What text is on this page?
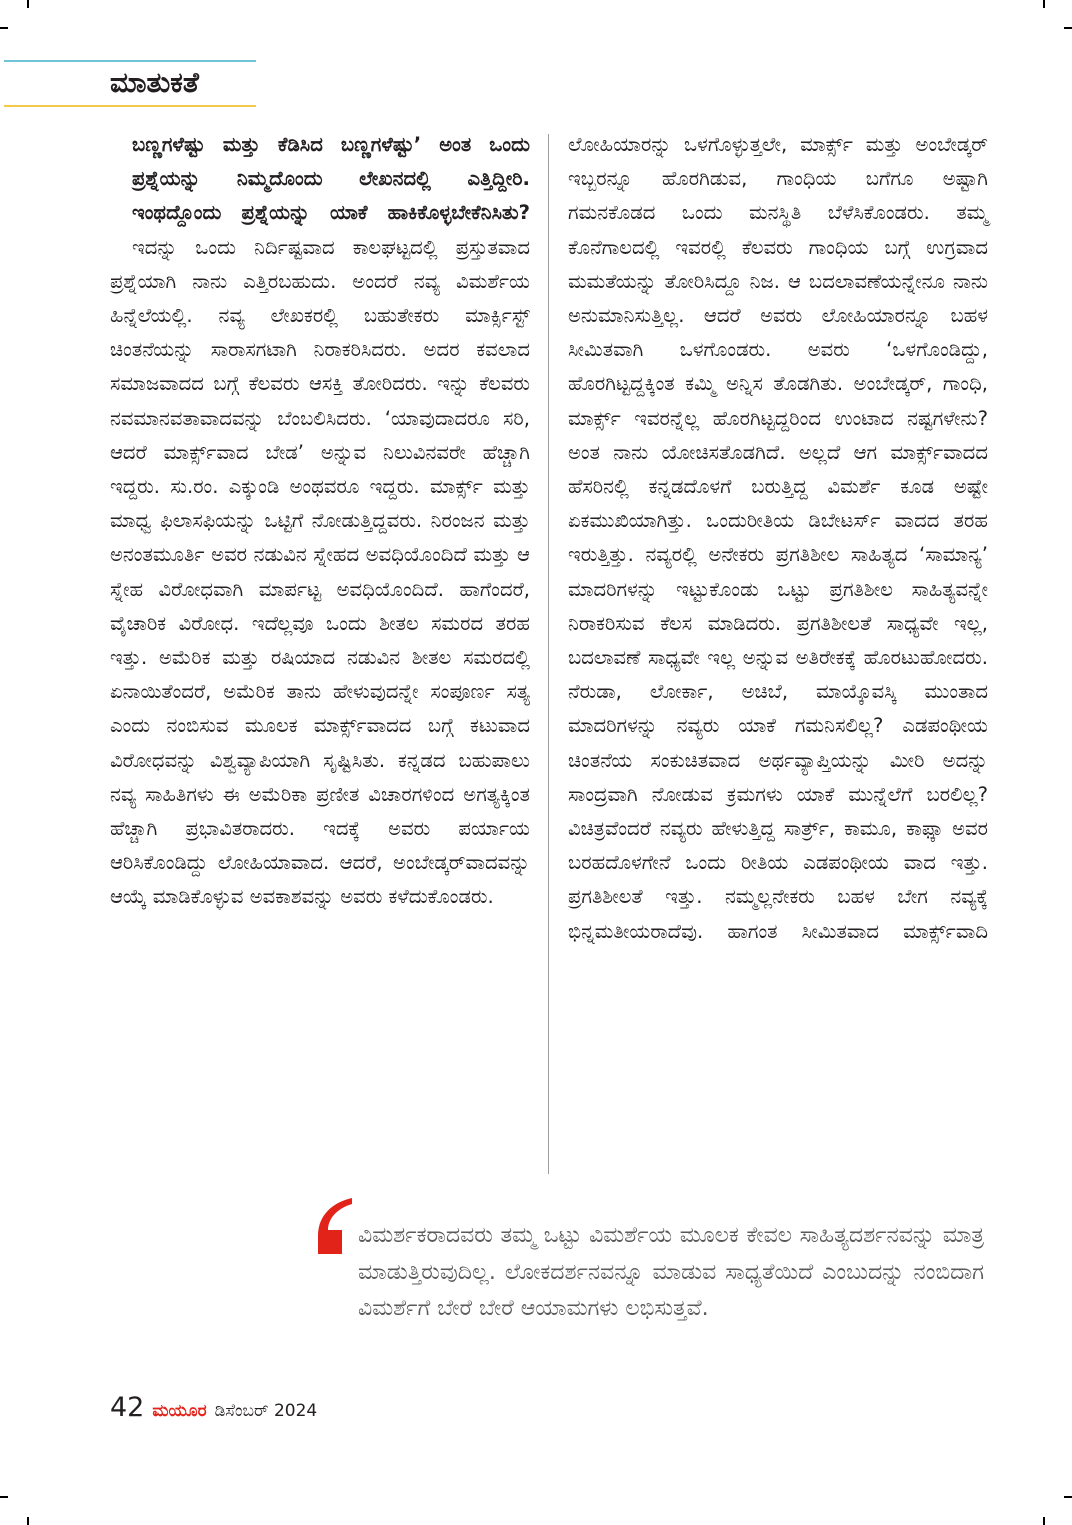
ಮಾತುಕತೆ

ಬಣ್ಣಗಳೆಷ್ಟು ಮತ್ತು ಕೆಡಿಸಿದ ಬಣ್ಣಗಳೆಷ್ಟು’ ಅಂತ ಒಂದು ಪ್ರಶ್ನೆಯನ್ನು ನಿಮ್ಮದೊಂದು ಲೇಖನದಲ್ಲಿ ಎತ್ತಿದ್ದೀರಿ. ಇಂಥದ್ದೊಂದು ಪ್ರಶ್ನೆಯನ್ನು ಯಾಕೆ ಹಾಕಿಕೊಳ್ಳಬೇಕೆನಿಸಿತು?

ಇದನ್ನು ಒಂದು ನಿರ್ದಿಷ್ಟವಾದ ಕಾಲಘಟ್ಟದಲ್ಲಿ ಪ್ರಸ್ತುತವಾದ ಪ್ರಶ್ನೆಯಾಗಿ ನಾನು ಎತ್ತಿರಬಹುದು. ಅಂದರೆ ನವ್ಯ ವಿಮರ್ಶೆಯ ಹಿನ್ನೆಲೆಯಲ್ಲಿ. ನವ್ಯ ಲೇಖಕರಲ್ಲಿ ಬಹುತೇಕರು ಮಾರ್ಕ್ಸಿಸ್ಟ್ ಚಿಂತನೆಯನ್ನು ಸಾರಾಸಗಟಾಗಿ ನಿರಾಕರಿಸಿದರು. ಅದರ ಕವಲಾದ ಸಮಾಜವಾದದ ಬಗ್ಗೆ ಕೆಲವರು ಆಸಕ್ತಿ ತೋರಿದರು. ಇನ್ನು ಕೆಲವರು ನವಮಾನವತಾವಾದವನ್ನು ಬೆಂಬಲಿಸಿದರು. ‘ಯಾವುದಾದರೂ ಸರಿ, ಆದರೆ ಮಾರ್ಕ್ಸ್‌ವಾದ ಬೇಡ’ ಅನ್ನುವ ನಿಲುವಿನವರೇ ಹೆಚ್ಚಾಗಿ ಇದ್ದರು. ಸು.ರಂ. ಎಕ್ಕುಂಡಿ ಅಂಥವರೂ ಇದ್ದರು. ಮಾರ್ಕ್ಸ್ ಮತ್ತು ಮಾಧ್ವ ಫಿಲಾಸಫಿಯನ್ನು ಒಟ್ಟಿಗೆ ನೋಡುತ್ತಿದ್ದವರು. ನಿರಂಜನ ಮತ್ತು ಅನಂತಮೂರ್ತಿ ಅವರ ನಡುವಿನ ಸ್ನೇಹದ ಅವಧಿಯೊಂದಿದೆ ಮತ್ತು ಆ ಸ್ನೇಹ ವಿರೋಧವಾಗಿ ಮಾರ್ಪಟ್ಟ ಅವಧಿಯೊಂದಿದೆ. ಹಾಗೆಂದರೆ, ವೈಚಾರಿಕ ವಿರೋಧ. ಇದೆಲ್ಲವೂ ಒಂದು ಶೀತಲ ಸಮರದ ತರಹ ಇತ್ತು. ಅಮೆರಿಕ ಮತ್ತು ರಷಿಯಾದ ನಡುವಿನ ಶೀತಲ ಸಮರದಲ್ಲಿ ಏನಾಯಿತೆಂದರೆ, ಅಮೆರಿಕ ತಾನು ಹೇಳುವುದನ್ನೇ ಸಂಪೂರ್ಣ ಸತ್ಯ ಎಂದು ನಂಬಿಸುವ ಮೂಲಕ ಮಾರ್ಕ್ಸ್‌ವಾದದ ಬಗ್ಗೆ ಕಟುವಾದ ವಿರೋಧವನ್ನು ವಿಶ್ವವ್ಯಾಪಿಯಾಗಿ ಸೃಷ್ಟಿಸಿತು. ಕನ್ನಡದ ಬಹುಪಾಲು ನವ್ಯ ಸಾಹಿತಿಗಳು ಈ ಅಮೆರಿಕಾ ಪ್ರಣೀತ ವಿಚಾರಗಳಿಂದ ಅಗತ್ಯಕ್ಕಿಂತ ಹೆಚ್ಚಾಗಿ ಪ್ರಭಾವಿತರಾದರು. ಇದಕ್ಕೆ ಅವರು ಪರ್ಯಾಯ ಆರಿಸಿಕೊಂಡಿದ್ದು ಲೋಹಿಯಾವಾದ. ಆದರೆ, ಅಂಬೇಡ್ಕರ್‌ವಾದವನ್ನು ಆಯ್ಕೆ ಮಾಡಿಕೊಳ್ಳುವ ಅವಕಾಶವನ್ನು ಅವರು ಕಳೆದುಕೊಂಡರು.

ಲೋಹಿಯಾರನ್ನು ಒಳಗೊಳ್ಳುತ್ತಲೇ, ಮಾರ್ಕ್ಸ್ ಮತ್ತು ಅಂಬೇಡ್ಕರ್ ಇಬ್ಬರನ್ನೂ ಹೊರಗಿಡುವ, ಗಾಂಧಿಯ ಬಗೆಗೂ ಅಷ್ಟಾಗಿ ಗಮನಕೊಡದ ಒಂದು ಮನಸ್ಥಿತಿ ಬೆಳೆಸಿಕೊಂಡರು. ತಮ್ಮ ಕೊನೆಗಾಲದಲ್ಲಿ ಇವರಲ್ಲಿ ಕೆಲವರು ಗಾಂಧಿಯ ಬಗ್ಗೆ ಉಗ್ರವಾದ ಮಮತೆಯನ್ನು ತೋರಿಸಿದ್ದೂ ನಿಜ. ಆ ಬದಲಾವಣೆಯನ್ನೇನೂ ನಾನು ಅನುಮಾನಿಸುತ್ತಿಲ್ಲ. ಆದರೆ ಅವರು ಲೋಹಿಯಾರನ್ನೂ ಬಹಳ ಸೀಮಿತವಾಗಿ ಒಳಗೊಂಡರು. ಅವರು ‘ಒಳಗೊಂಡಿದ್ದು, ಹೊರಗಿಟ್ಟದ್ದಕ್ಕಿಂತ ಕಮ್ಮಿ ಅನ್ನಿಸ ತೊಡಗಿತು. ಅಂಬೇಡ್ಕರ್, ಗಾಂಧಿ, ಮಾರ್ಕ್ಸ್ ಇವರನ್ನೆಲ್ಲ ಹೊರಗಿಟ್ಟದ್ದರಿಂದ ಉಂಟಾದ ನಷ್ಟಗಳೇನು? ಅಂತ ನಾನು ಯೋಚಿಸತೊಡಗಿದೆ. ಅಲ್ಲದೆ ಆಗ ಮಾರ್ಕ್ಸ್‌ವಾದದ ಹೆಸರಿನಲ್ಲಿ ಕನ್ನಡದೊಳಗೆ ಬರುತ್ತಿದ್ದ ವಿಮರ್ಶೆ ಕೂಡ ಅಷ್ಟೇ ಏಕಮುಖಿಯಾಗಿತ್ತು. ಒಂದುರೀತಿಯ ಡಿಬೇಟರ್ಸ್ ವಾದದ ತರಹ ಇರುತ್ತಿತ್ತು. ನವ್ಯರಲ್ಲಿ ಅನೇಕರು ಪ್ರಗತಿಶೀಲ ಸಾಹಿತ್ಯದ ‘ಸಾಮಾನ್ಯ’ ಮಾದರಿಗಳನ್ನು ಇಟ್ಟುಕೊಂಡು ಒಟ್ಟು ಪ್ರಗತಿಶೀಲ ಸಾಹಿತ್ಯವನ್ನೇ ನಿರಾಕರಿಸುವ ಕೆಲಸ ಮಾಡಿದರು. ಪ್ರಗತಿಶೀಲತೆ ಸಾಧ್ಯವೇ ಇಲ್ಲ, ಬದಲಾವಣೆ ಸಾಧ್ಯವೇ ಇಲ್ಲ ಅನ್ನುವ ಅತಿರೇಕಕ್ಕೆ ಹೊರಟುಹೋದರು. ನೆರುಡಾ, ಲೋರ್ಕಾ, ಅಚಿಬೆ, ಮಾಯ್ಕೊವಸ್ಕಿ ಮುಂತಾದ ಮಾದರಿಗಳನ್ನು ನವ್ಯರು ಯಾಕೆ ಗಮನಿಸಲಿಲ್ಲ? ಎಡಪಂಥೀಯ ಚಿಂತನೆಯ ಸಂಕುಚಿತವಾದ ಅರ್ಥವ್ಯಾಪ್ತಿಯನ್ನು ಮೀರಿ ಅದನ್ನು ಸಾಂದ್ರವಾಗಿ ನೋಡುವ ಕ್ರಮಗಳು ಯಾಕೆ ಮುನ್ನೆಲೆಗೆ ಬರಲಿಲ್ಲ? ವಿಚಿತ್ರವೆಂದರೆ ನವ್ಯರು ಹೇಳುತ್ತಿದ್ದ ಸಾರ್ತ್ರ್, ಕಾಮೂ, ಕಾಫ್ಕಾ ಅವರ ಬರಹದೊಳಗೇನೆ ಒಂದು ರೀತಿಯ ಎಡಪಂಥೀಯ ವಾದ ಇತ್ತು. ಪ್ರಗತಿಶೀಲತೆ ಇತ್ತು. ನಮ್ಮಲ್ಲನೇಕರು ಬಹಳ ಬೇಗ ನವ್ಯಕ್ಕೆ ಭಿನ್ನಮತೀಯರಾದೆವು. ಹಾಗಂತ ಸೀಮಿತವಾದ ಮಾರ್ಕ್ಸ್‌ವಾದಿ

ವಿಮರ್ಶಕರಾದವರು ತಮ್ಮ ಒಟ್ಟು ವಿಮರ್ಶೆಯ ಮೂಲಕ ಕೇವಲ ಸಾಹಿತ್ಯದರ್ಶನವನ್ನು ಮಾತ್ರ ಮಾಡುತ್ತಿರುವುದಿಲ್ಲ. ಲೋಕದರ್ಶನವನ್ನೂ ಮಾಡುವ ಸಾಧ್ಯತೆಯಿದೆ ಎಂಬುದನ್ನು ನಂಬಿದಾಗ ವಿಮರ್ಶೆಗೆ ಬೇರೆ ಬೇರೆ ಆಯಾಮಗಳು ಲಭಿಸುತ್ತವೆ.

42 ಮಯೂರ ಡಿಸೆಂಬರ್ 2024
